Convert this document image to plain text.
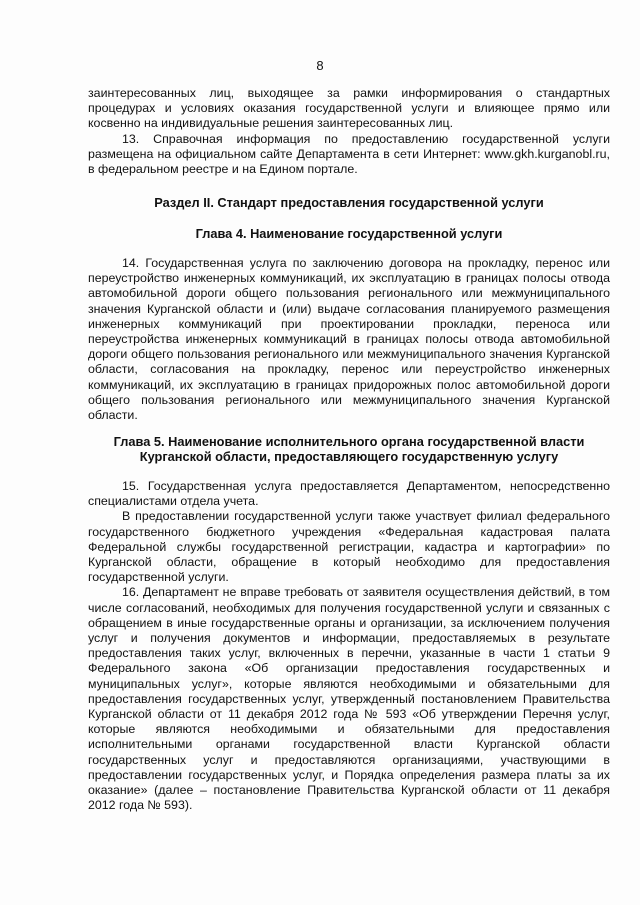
8

заинтересованных лиц, выходящее за рамки информирования о стандартных процедурах и условиях оказания государственной услуги и влияющее прямо или косвенно на индивидуальные решения заинтересованных лиц.

13. Справочная информация по предоставлению государственной услуги размещена на официальном сайте Департамента в сети Интернет: www.gkh.kurganobl.ru, в федеральном реестре и на Едином портале.

Раздел II. Стандарт предоставления государственной услуги
Глава 4. Наименование государственной услуги

14. Государственная услуга по заключению договора на прокладку, перенос или переустройство инженерных коммуникаций, их эксплуатацию в границах полосы отвода автомобильной дороги общего пользования регионального или межмуниципального значения Курганской области и (или) выдаче согласования планируемого размещения инженерных коммуникаций при проектировании прокладки, переноса или переустройства инженерных коммуникаций в границах полосы отвода автомобильной дороги общего пользования регионального или межмуниципального значения Курганской области, согласования на прокладку, перенос или переустройство инженерных коммуникаций, их эксплуатацию в границах придорожных полос автомобильной дороги общего пользования регионального или межмуниципального значения Курганской области.

Глава 5. Наименование исполнительного органа государственной власти
Курганской области, предоставляющего государственную услугу

15. Государственная услуга предоставляется Департаментом, непосредственно специалистами отдела учета.

В предоставлении государственной услуги также участвует филиал федерального государственного бюджетного учреждения «Федеральная кадастровая палата Федеральной службы государственной регистрации, кадастра и картографии» по Курганской области, обращение в который необходимо для предоставления государственной услуги.

16. Департамент не вправе требовать от заявителя осуществления действий, в том числе согласований, необходимых для получения государственной услуги и связанных с обращением в иные государственные органы и организации, за исключением получения услуг и получения документов и информации, предоставляемых в результате предоставления таких услуг, включенных в перечни, указанные в части 1 статьи 9 Федерального закона «Об организации предоставления государственных и муниципальных услуг», которые являются необходимыми и обязательными для предоставления государственных услуг, утвержденный постановлением Правительства Курганской области от 11 декабря 2012 года № 593 «Об утверждении Перечня услуг, которые являются необходимыми и обязательными для предоставления исполнительными органами государственной власти Курганской области государственных услуг и предоставляются организациями, участвующими в предоставлении государственных услуг, и Порядка определения размера платы за их оказание» (далее – постановление Правительства Курганской области от 11 декабря 2012 года № 593).
